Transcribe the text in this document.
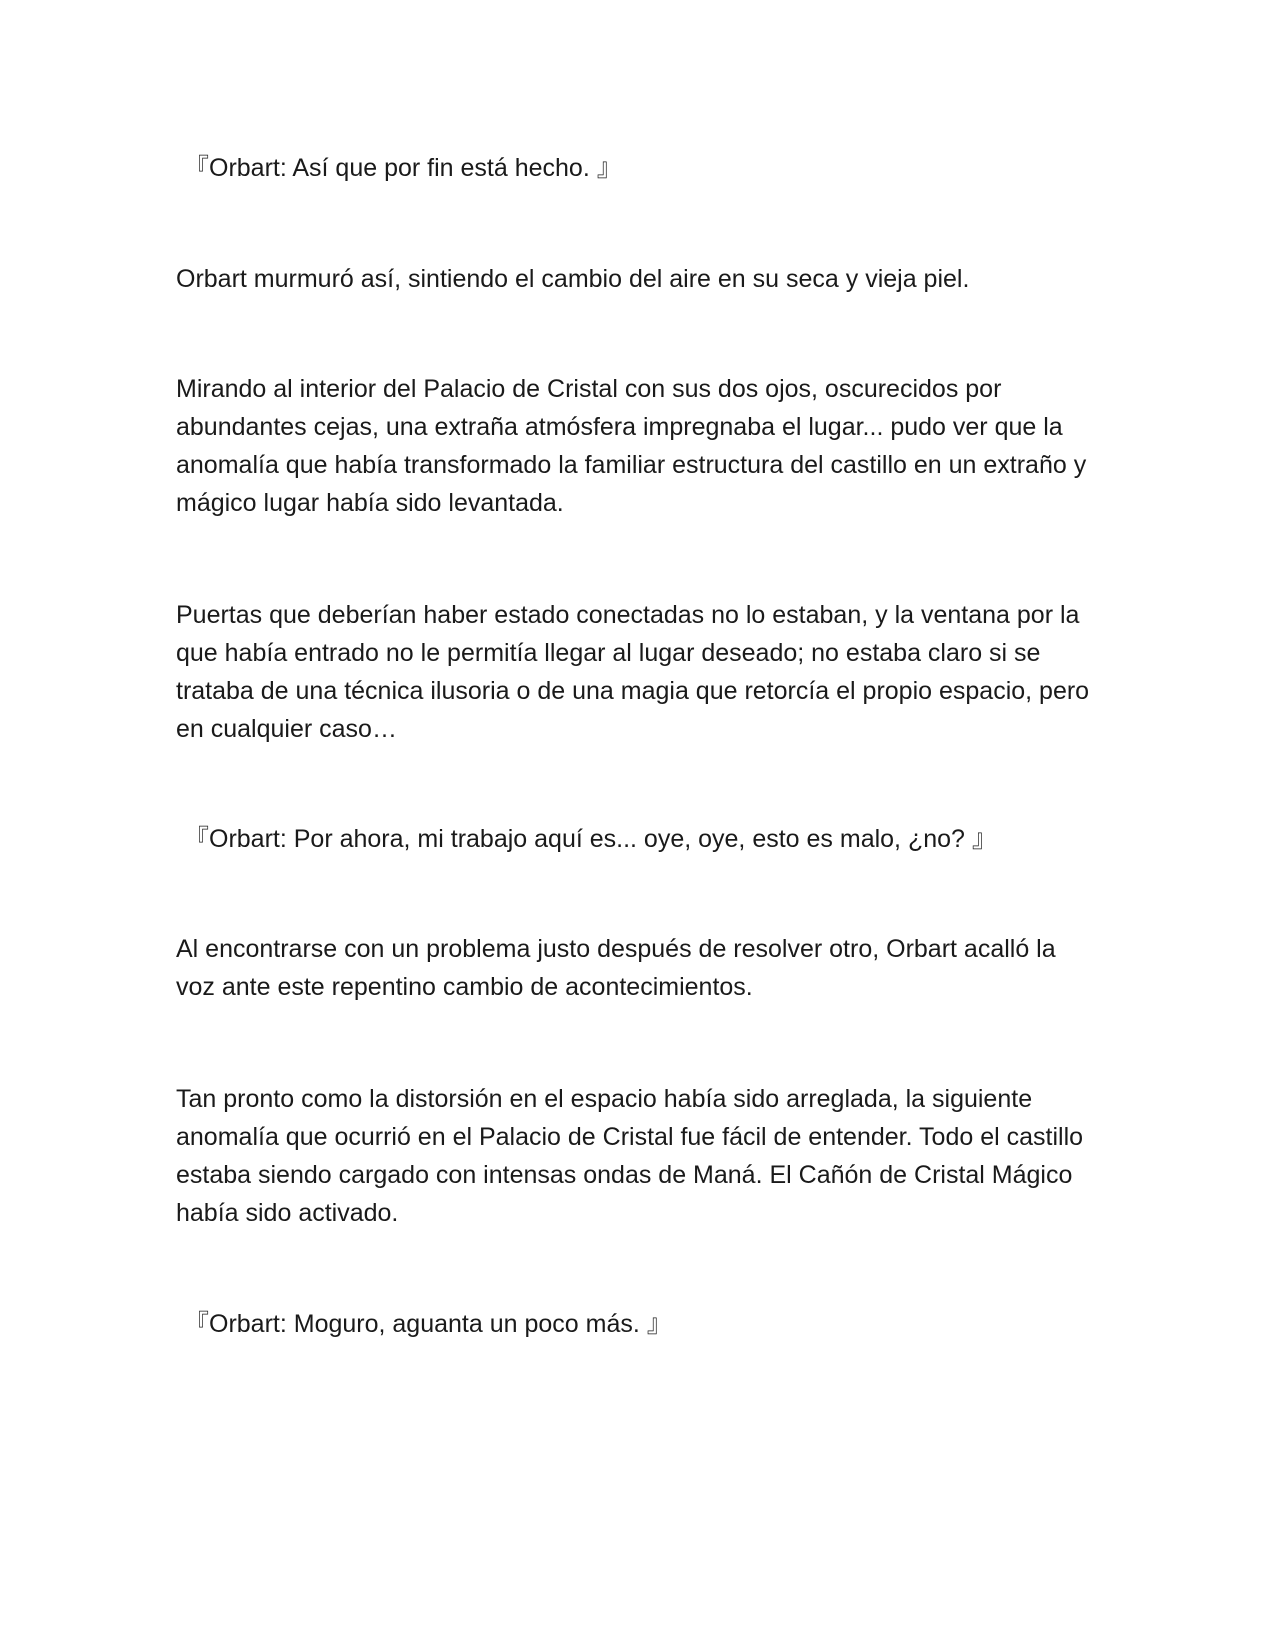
『Orbart: Así que por fin está hecho. 』

Orbart murmuró así, sintiendo el cambio del aire en su seca y vieja piel.

Mirando al interior del Palacio de Cristal con sus dos ojos, oscurecidos por abundantes cejas, una extraña atmósfera impregnaba el lugar... pudo ver que la anomalía que había transformado la familiar estructura del castillo en un extraño y mágico lugar había sido levantada.

Puertas que deberían haber estado conectadas no lo estaban, y la ventana por la que había entrado no le permitía llegar al lugar deseado; no estaba claro si se trataba de una técnica ilusoria o de una magia que retorcía el propio espacio, pero en cualquier caso…

『Orbart: Por ahora, mi trabajo aquí es... oye, oye, esto es malo, ¿no? 』

Al encontrarse con un problema justo después de resolver otro, Orbart acalló la voz ante este repentino cambio de acontecimientos.

Tan pronto como la distorsión en el espacio había sido arreglada, la siguiente anomalía que ocurrió en el Palacio de Cristal fue fácil de entender. Todo el castillo estaba siendo cargado con intensas ondas de Maná. El Cañón de Cristal Mágico había sido activado.

『Orbart: Moguro, aguanta un poco más. 』
